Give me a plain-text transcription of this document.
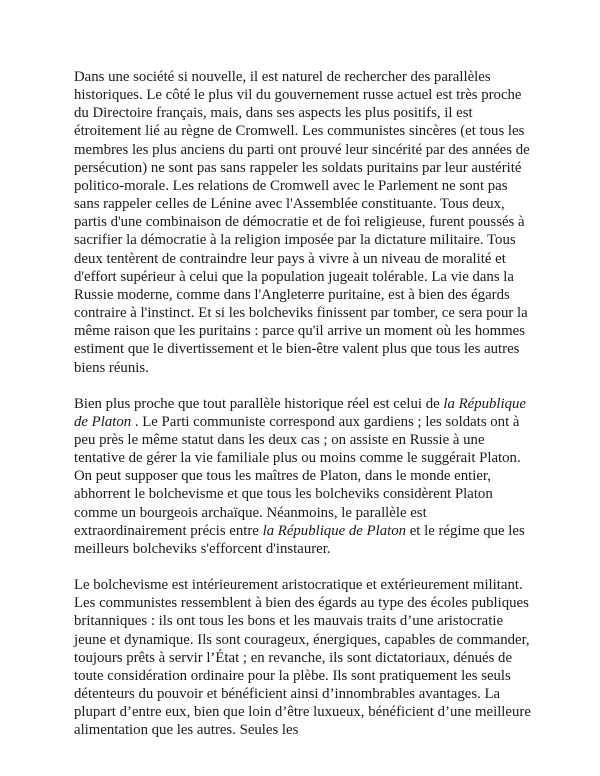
Dans une société si nouvelle, il est naturel de rechercher des parallèles historiques. Le côté le plus vil du gouvernement russe actuel est très proche du Directoire français, mais, dans ses aspects les plus positifs, il est étroitement lié au règne de Cromwell. Les communistes sincères (et tous les membres les plus anciens du parti ont prouvé leur sincérité par des années de persécution) ne sont pas sans rappeler les soldats puritains par leur austérité politico-morale. Les relations de Cromwell avec le Parlement ne sont pas sans rappeler celles de Lénine avec l'Assemblée constituante. Tous deux, partis d'une combinaison de démocratie et de foi religieuse, furent poussés à sacrifier la démocratie à la religion imposée par la dictature militaire. Tous deux tentèrent de contraindre leur pays à vivre à un niveau de moralité et d'effort supérieur à celui que la population jugeait tolérable. La vie dans la Russie moderne, comme dans l'Angleterre puritaine, est à bien des égards contraire à l'instinct. Et si les bolcheviks finissent par tomber, ce sera pour la même raison que les puritains : parce qu'il arrive un moment où les hommes estiment que le divertissement et le bien-être valent plus que tous les autres biens réunis.

Bien plus proche que tout parallèle historique réel est celui de la République de Platon . Le Parti communiste correspond aux gardiens ; les soldats ont à peu près le même statut dans les deux cas ; on assiste en Russie à une tentative de gérer la vie familiale plus ou moins comme le suggérait Platon. On peut supposer que tous les maîtres de Platon, dans le monde entier, abhorrent le bolchevisme et que tous les bolcheviks considèrent Platon comme un bourgeois archaïque. Néanmoins, le parallèle est extraordinairement précis entre la République de Platon et le régime que les meilleurs bolcheviks s'efforcent d'instaurer.

Le bolchevisme est intérieurement aristocratique et extérieurement militant. Les communistes ressemblent à bien des égards au type des écoles publiques britanniques : ils ont tous les bons et les mauvais traits d’une aristocratie jeune et dynamique. Ils sont courageux, énergiques, capables de commander, toujours prêts à servir l’État ; en revanche, ils sont dictatoriaux, dénués de toute considération ordinaire pour la plèbe. Ils sont pratiquement les seuls détenteurs du pouvoir et bénéficient ainsi d’innombrables avantages. La plupart d’entre eux, bien que loin d’être luxueux, bénéficient d’une meilleure alimentation que les autres. Seules les
